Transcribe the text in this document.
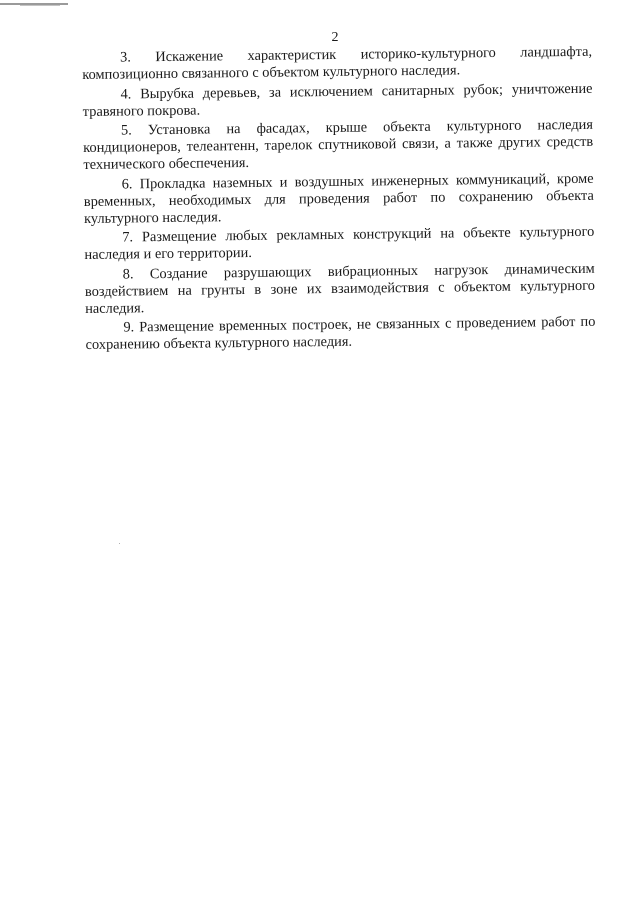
2

3. Искажение характеристик историко-культурного ландшафта, композиционно связанного с объектом культурного наследия.

4. Вырубка деревьев, за исключением санитарных рубок; уничтожение травяного покрова.

5. Установка на фасадах, крыше объекта культурного наследия кондиционеров, телеантенн, тарелок спутниковой связи, а также других средств технического обеспечения.

6. Прокладка наземных и воздушных инженерных коммуникаций, кроме временных, необходимых для проведения работ по сохранению объекта культурного наследия.

7. Размещение любых рекламных конструкций на объекте культурного наследия и его территории.

8. Создание разрушающих вибрационных нагрузок динамическим воздействием на грунты в зоне их взаимодействия с объектом культурного наследия.

9. Размещение временных построек, не связанных с проведением работ по сохранению объекта культурного наследия.
